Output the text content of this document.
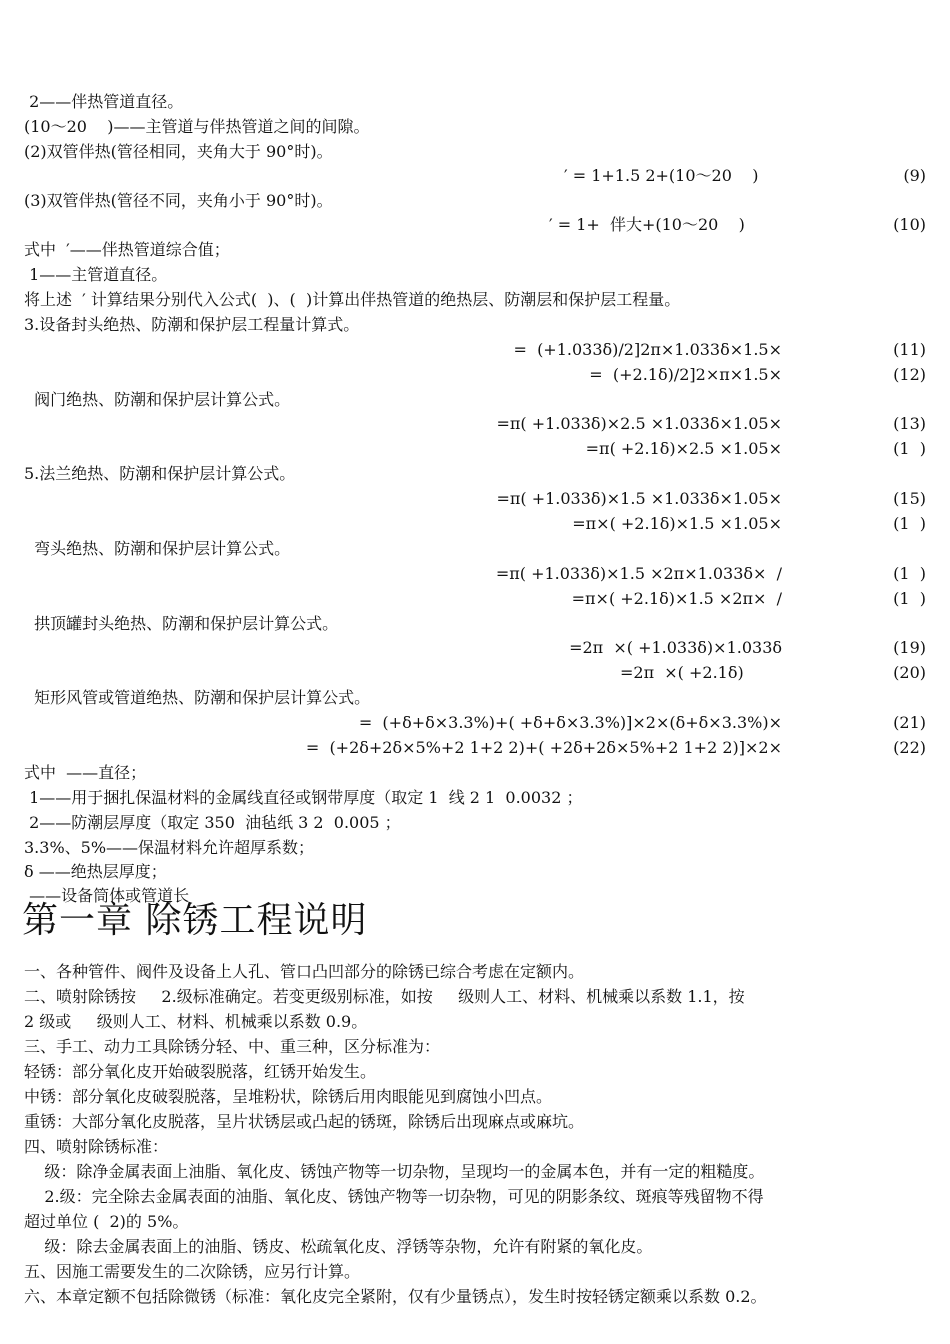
2——伴热管道直径。
(10～20    )——主管道与伴热管道之间的间隙。
(2)双管伴热(管径相同，夹角大于 90°时)。
′ = 1+1.5 2+(10～20    )	(9)
(3)双管伴热(管径不同，夹角小于 90°时)。
′ = 1+  伴大+(10～20    )	(10)
式中  ′——伴热管道综合值；
1——主管道直径。
将上述  ′ 计算结果分别代入公式(  )、(  )计算出伴热管道的绝热层、防潮层和保护层工程量。
3.设备封头绝热、防潮和保护层工程量计算式。
=  (+1.033δ)/2]2π×1.033δ×1.5×	(11)
=  (+2.1δ)/2]2×π×1.5×	(12)
阀门绝热、防潮和保护层计算公式。
=π( +1.033δ)×2.5 ×1.033δ×1.05×	(13)
=π( +2.1δ)×2.5 ×1.05×	(1  )
5.法兰绝热、防潮和保护层计算公式。
=π( +1.033δ)×1.5 ×1.033δ×1.05×	(15)
=π×( +2.1δ)×1.5 ×1.05×	(1  )
弯头绝热、防潮和保护层计算公式。
=π( +1.033δ)×1.5 ×2π×1.033δ×  /	(1  )
=π×( +2.1δ)×1.5 ×2π×  /	(1  )
拱顶罐封头绝热、防潮和保护层计算公式。
=2π  ×( +1.033δ)×1.033δ	(19)
=2π  ×( +2.1δ)	(20)
矩形风管或管道绝热、防潮和保护层计算公式。
=  (+δ+δ×3.3%)+( +δ+δ×3.3%)]×2×(δ+δ×3.3%)×	(21)
=  (+2δ+2δ×5%+2 1+2 2)+( +2δ+2δ×5%+2 1+2 2)]×2×	(22)
式中  ——直径；
1——用于捆扎保温材料的金属线直径或钢带厚度（取定 1  线 2 1  0.0032 ；
2——防潮层厚度（取定 350  油毡纸 3 2  0.005 ；
3.3%、5%——保温材料允许超厚系数；
δ ——绝热层厚度；
——设备筒体或管道长
第一章 除锈工程说明
一、各种管件、阀件及设备上人孔、管口凸凹部分的除锈已综合考虑在定额内。
二、喷射除锈按     2.级标准确定。若变更级别标准，如按     级则人工、材料、机械乘以系数 1.1，按
2 级或     级则人工、材料、机械乘以系数 0.9。
三、手工、动力工具除锈分轻、中、重三种，区分标准为：
轻锈：部分氧化皮开始破裂脱落，红锈开始发生。
中锈：部分氧化皮破裂脱落，呈堆粉状，除锈后用肉眼能见到腐蚀小凹点。
重锈：大部分氧化皮脱落，呈片状锈层或凸起的锈斑，除锈后出现麻点或麻坑。
四、喷射除锈标准：
级：除净金属表面上油脂、氧化皮、锈蚀产物等一切杂物，呈现均一的金属本色，并有一定的粗糙度。
2.级：完全除去金属表面的油脂、氧化皮、锈蚀产物等一切杂物，可见的阴影条纹、斑痕等残留物不得
超过单位 (  2)的 5%。
级：除去金属表面上的油脂、锈皮、松疏氧化皮、浮锈等杂物，允许有附紧的氧化皮。
五、因施工需要发生的二次除锈，应另行计算。
六、本章定额不包括除微锈（标准：氧化皮完全紧附，仅有少量锈点），发生时按轻锈定额乘以系数 0.2。
